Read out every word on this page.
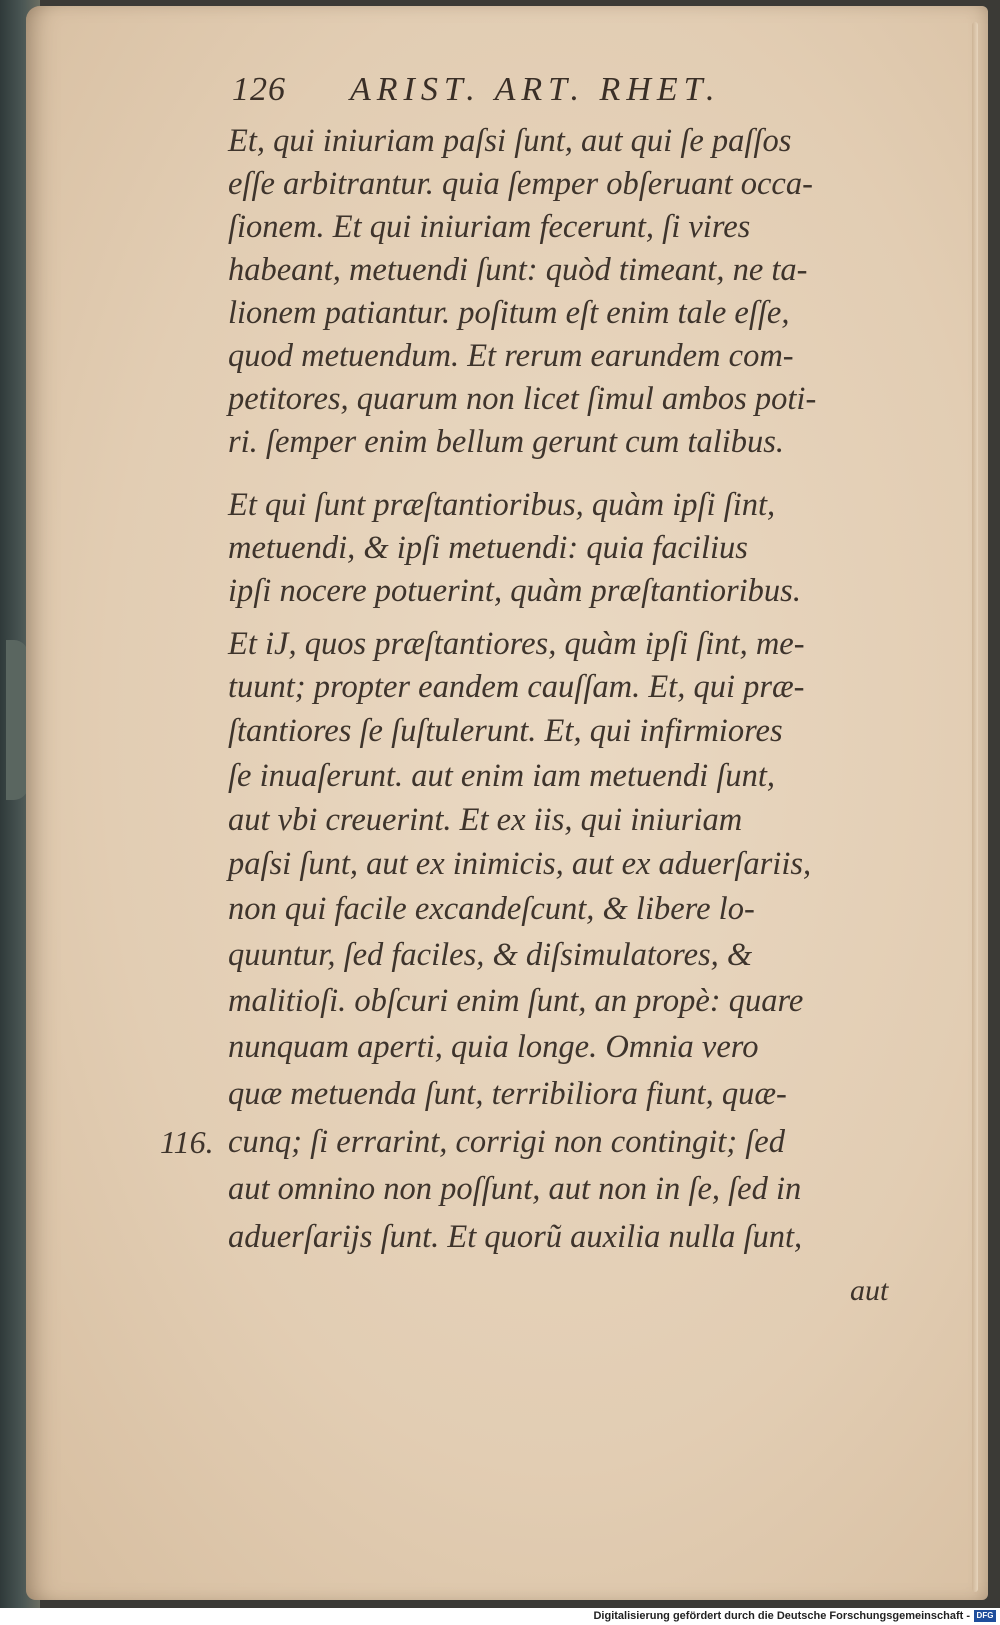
126 ARIST. ART. RHET.
Et, qui iniuriam paſsi ſunt, aut qui ſe paſſos
eſſe arbitrantur. quia ſemper obſeruant occa-
ſionem. Et qui iniuriam fecerunt, ſi vires
habeant, metuendi ſunt: quòd timeant, ne ta-
lionem patiantur. poſitum eſt enim tale eſſe,
quod metuendum. Et rerum earundem com-
petitores, quarum non licet ſimul ambos poti-
ri. ſemper enim bellum gerunt cum talibus.
Et qui ſunt præſtantioribus, quàm ipſi ſint,
metuendi, & ipſi metuendi: quia facilius
ipſi nocere potuerint, quàm præſtantioribus.
Et iJ, quos præſtantiores, quàm ipſi ſint, me-
tuunt; propter eandem cauſſam. Et, qui præ-
ſtantiores ſe ſuſtulerunt. Et, qui infirmiores
ſe inuaſerunt. aut enim iam metuendi ſunt,
aut vbi creuerint. Et ex iis, qui iniuriam
paſsi ſunt, aut ex inimicis, aut ex aduerſariis,
non qui facile excandeſcunt, & libere lo-
quuntur, ſed faciles, & diſsimulatores, &
malitioſi. obſcuri enim ſunt, an propè: quare
nunquam aperti, quia longe. Omnia vero
quæ metuenda ſunt, terribiliora fiunt, quæ-
cunq; ſi errarint, corrigi non contingit; ſed
aut omnino non poſſunt, aut non in ſe, ſed in
aduerſarijs ſunt. Et quorũ auxilia nulla ſunt,
116.
aut
Digitalisierung gefördert durch die Deutsche Forschungsgemeinschaft - DFG
